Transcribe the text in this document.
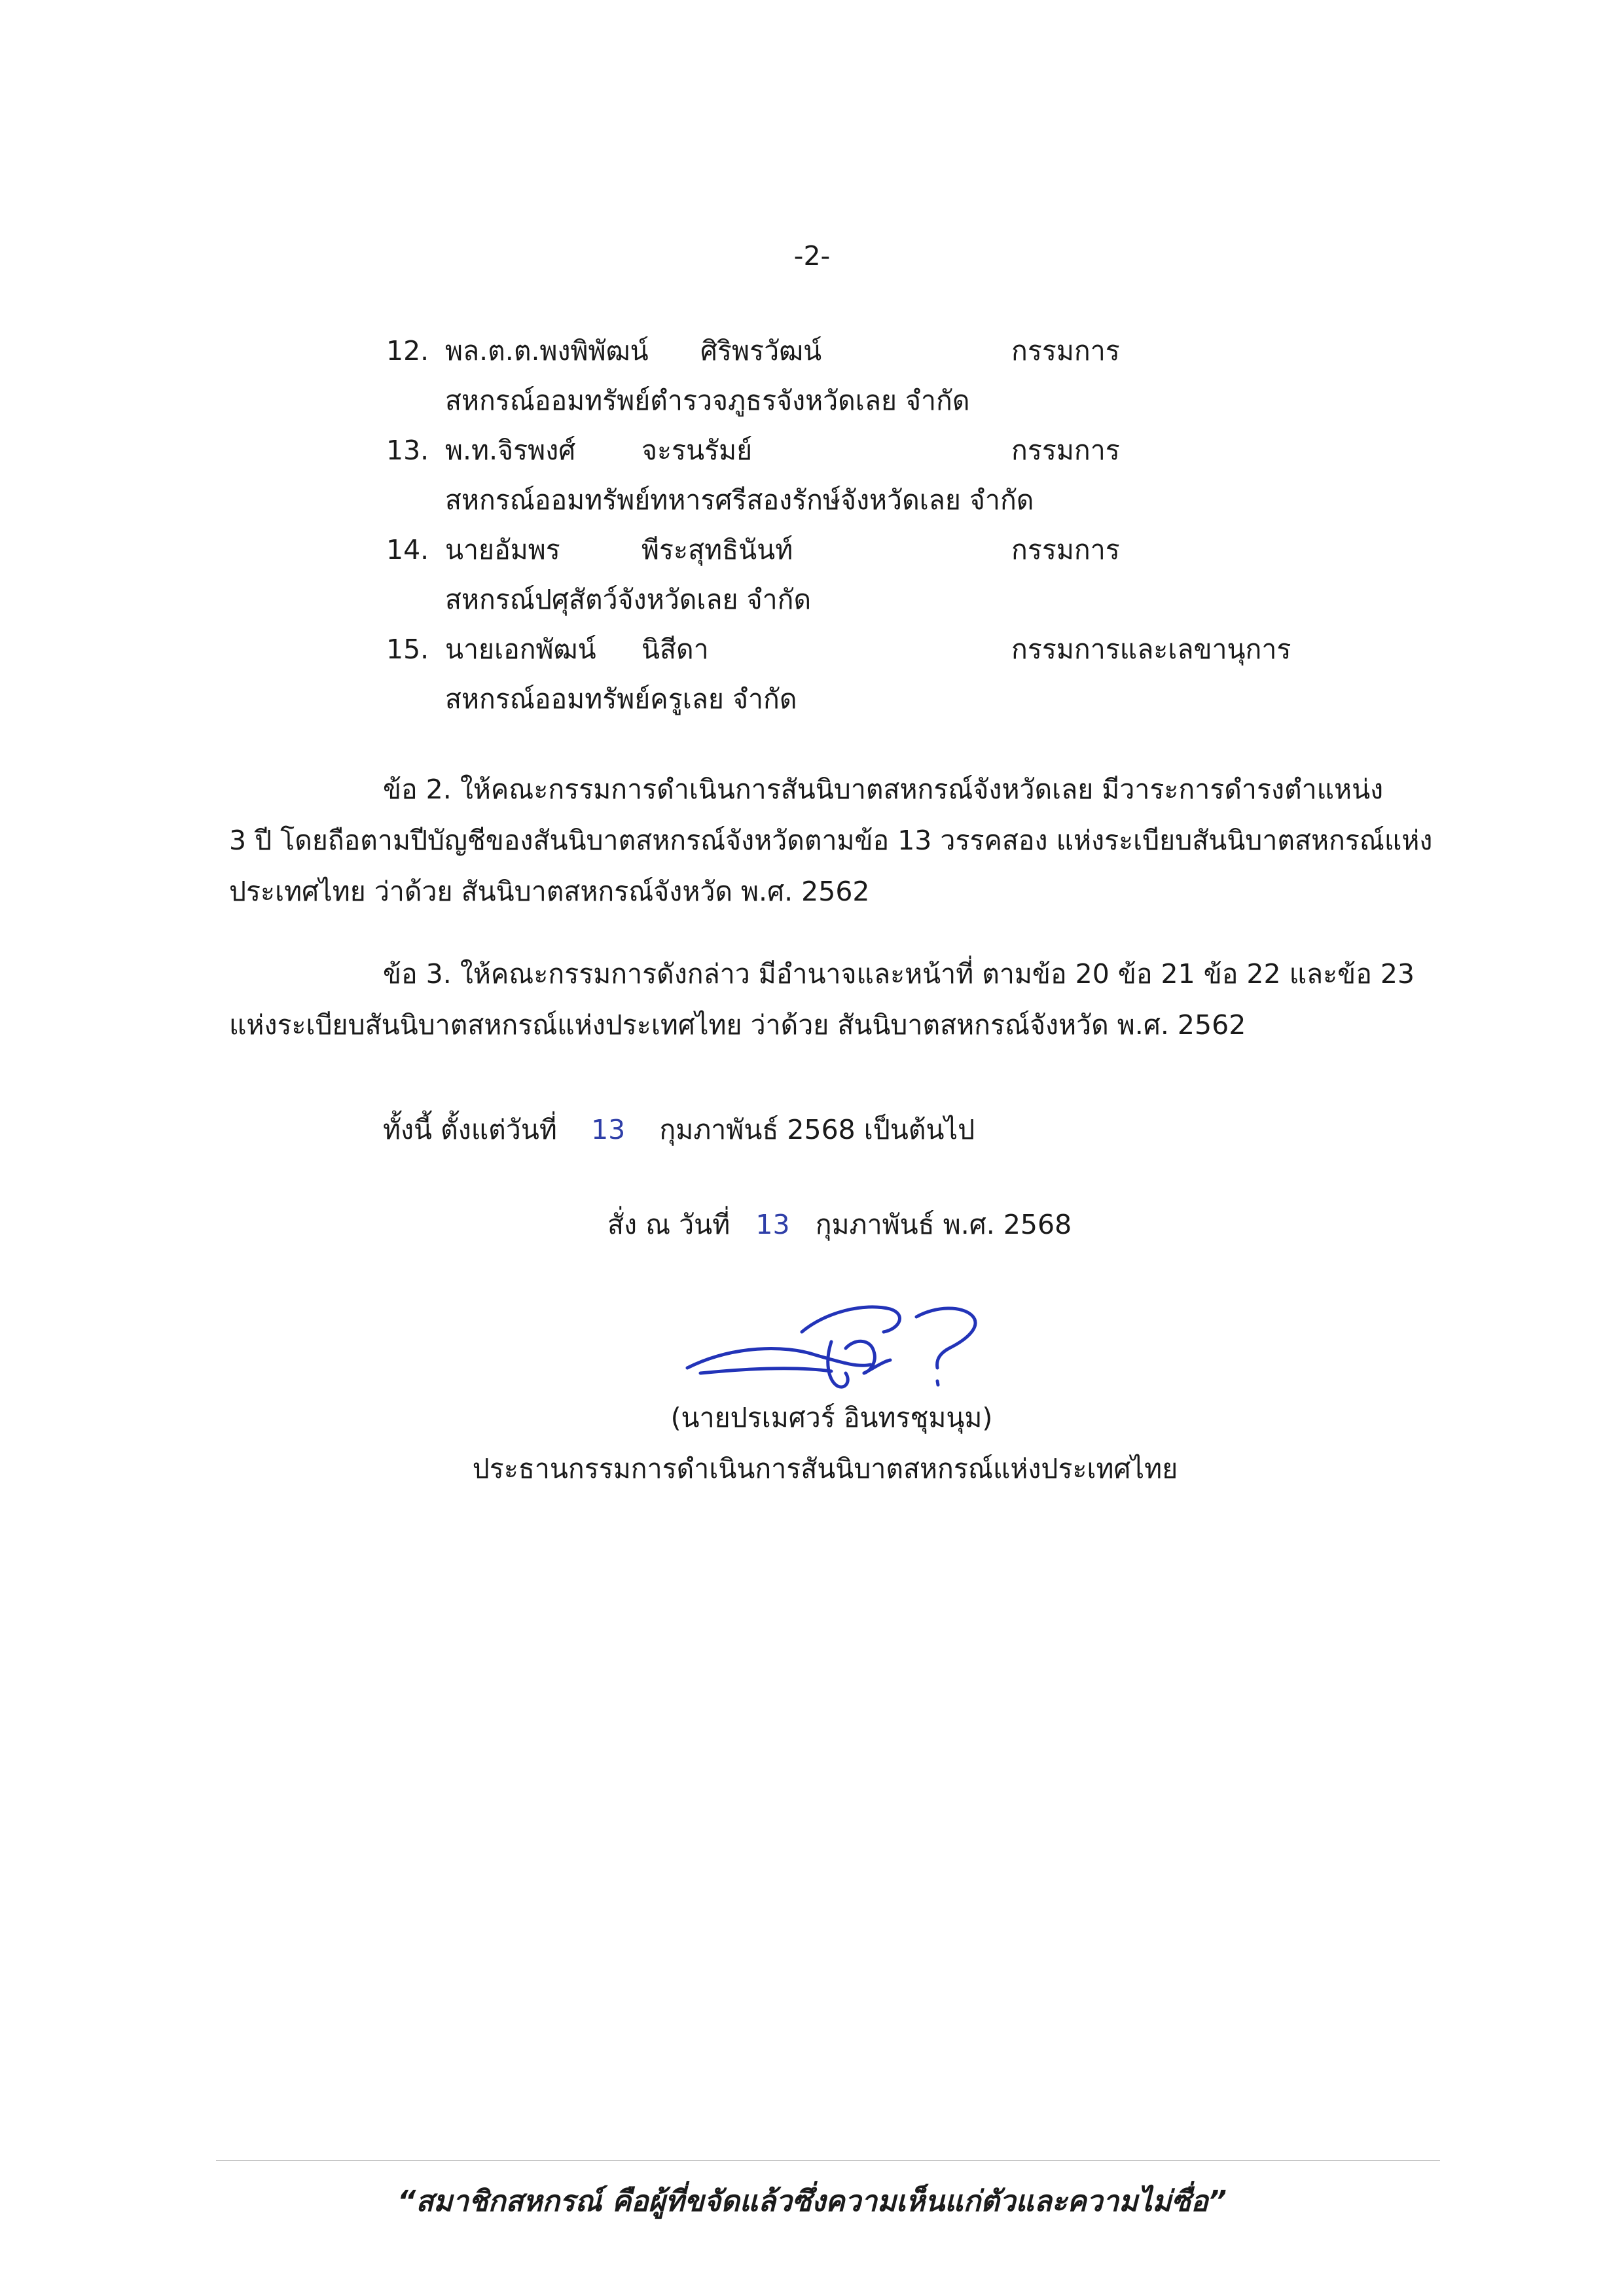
-2-
12. พล.ต.ต.พงพิพัฒน์ ศิริพรวัฒน์	กรรมการ
สหกรณ์ออมทรัพย์ตำรวจภูธรจังหวัดเลย จำกัด
13. พ.ท.จิรพงศ์ จะรนรัมย์	กรรมการ
สหกรณ์ออมทรัพย์ทหารศรีสองรักษ์จังหวัดเลย จำกัด
14. นายอัมพร	พีระสุทธินันท์	กรรมการ
สหกรณ์ปศุสัตว์จังหวัดเลย จำกัด
15. นายเอกพัฒน์ นิสีดา	กรรมการและเลขานุการ
สหกรณ์ออมทรัพย์ครูเลย จำกัด
ข้อ 2. ให้คณะกรรมการดำเนินการสันนิบาตสหกรณ์จังหวัดเลย มีวาระการดำรงตำแหน่ง
3 ปี โดยถือตามปีบัญชีของสันนิบาตสหกรณ์จังหวัดตามข้อ 13 วรรคสอง แห่งระเบียบสันนิบาตสหกรณ์แห่ง
ประเทศไทย ว่าด้วย สันนิบาตสหกรณ์จังหวัด พ.ศ. 2562
ข้อ 3. ให้คณะกรรมการดังกล่าว มีอำนาจและหน้าที่ ตามข้อ 20 ข้อ 21 ข้อ 22 และข้อ 23
แห่งระเบียบสันนิบาตสหกรณ์แห่งประเทศไทย ว่าด้วย สันนิบาตสหกรณ์จังหวัด พ.ศ. 2562
ทั้งนี้ ตั้งแต่วันที่ 13 กุมภาพันธ์ 2568 เป็นต้นไป
สั่ง ณ วันที่ 13 กุมภาพันธ์ พ.ศ. 2568
(นายปรเมศวร์ อินทรชุมนุม)
ประธานกรรมการดำเนินการสันนิบาตสหกรณ์แห่งประเทศไทย
“สมาชิกสหกรณ์ คือผู้ที่ขจัดแล้วซึ่งความเห็นแก่ตัวและความไม่ซื่อ”
